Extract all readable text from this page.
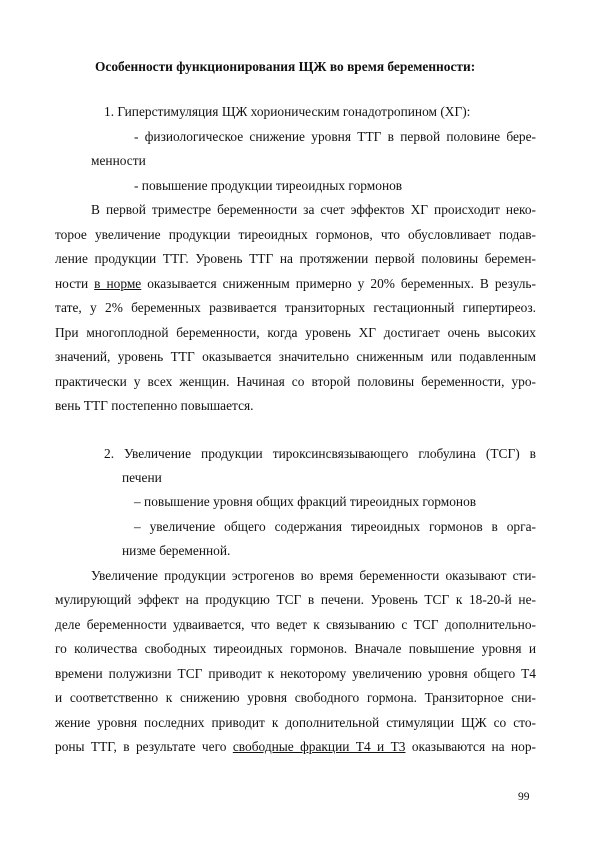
Особенности функционирования ЩЖ во время беременности:
1. Гиперстимуляция ЩЖ хорионическим гонадотропином (ХГ):
- физиологическое снижение уровня ТТГ в первой половине бере-
менности
- повышение продукции тиреоидных гормонов
В первой триместре беременности за счет эффектов ХГ происходит неко-
торое увеличение продукции тиреоидных гормонов, что обусловливает подав-
ление продукции ТТГ. Уровень ТТГ на протяжении первой половины беремен-
ности в норме оказывается сниженным примерно у 20% беременных. В резуль-
тате, у 2% беременных развивается транзиторных гестационный гипертиреоз.
При многоплодной беременности, когда уровень ХГ достигает очень высоких
значений, уровень ТТГ оказывается значительно сниженным или подавленным
практически у всех женщин. Начиная со второй половины беременности, уро-
вень ТТГ постепенно повышается.
2. Увеличение продукции тироксинсвязывающего глобулина (ТСГ) в
печени
– повышение уровня общих фракций тиреоидных гормонов
– увеличение общего содержания тиреоидных гормонов в орга-
низме беременной.
Увеличение продукции эстрогенов во время беременности оказывают сти-
мулирующий эффект на продукцию ТСГ в печени. Уровень ТСГ к 18-20-й не-
деле беременности удваивается, что ведет к связыванию с ТСГ дополнительно-
го количества свободных тиреоидных гормонов. Вначале повышение уровня и
времени полужизни ТСГ приводит к некоторому увеличению уровня общего Т4
и соответственно к снижению уровня свободного гормона. Транзиторное сни-
жение уровня последних приводит к дополнительной стимуляции ЩЖ со сто-
роны ТТГ, в результате чего свободные фракции Т4 и Т3 оказываются на нор-
99
